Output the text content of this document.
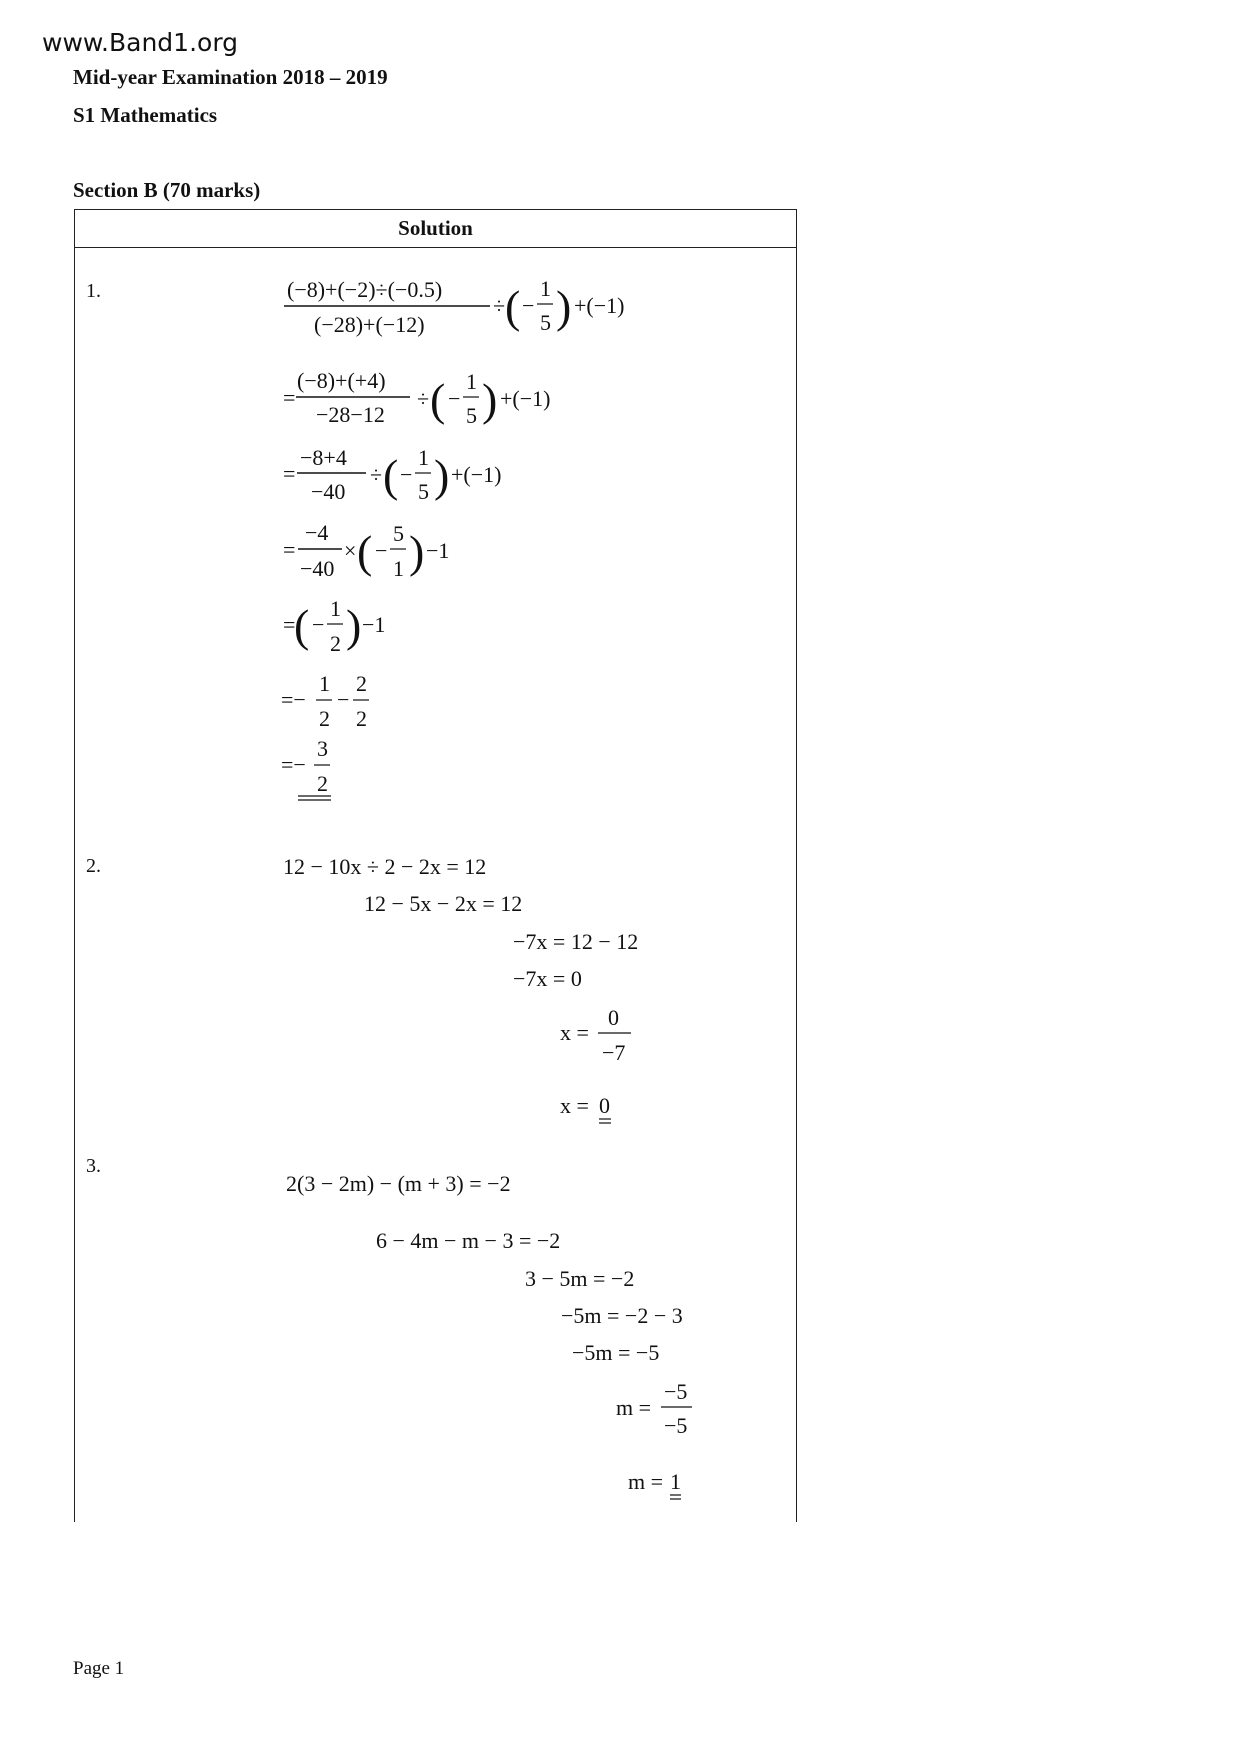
www.Band1.org
Mid-year Examination 2018 – 2019
S1 Mathematics
Section B (70 marks)
Solution
1.	(−8)+(−2)÷(−0.5)
(−28)+(−12)
÷ ( −
1
5 ) +(−1)
=
(−8)+(+4)
−28−12
÷ ( −
1
5 ) +(−1)
=
−8+4
−40
÷ ( −
1
5 ) +(−1)
=
−4
−40
× ( −
5
1 ) −1
=
( −
1
2 ) −1
=−
1
2
−
2
2
=−
3
2
2.	12 − 10x ÷ 2 − 2x = 12
12 − 5x − 2x = 12
−7x = 12 − 12
−7x = 0
x =
0
−7
x = 0
3.
2(3 − 2m) − (m + 3) = −2
6 − 4m − m − 3 = −2
3 − 5m = −2
−5m = −2 − 3
−5m = −5
m =
−5
−5
m = 1
Page 1
